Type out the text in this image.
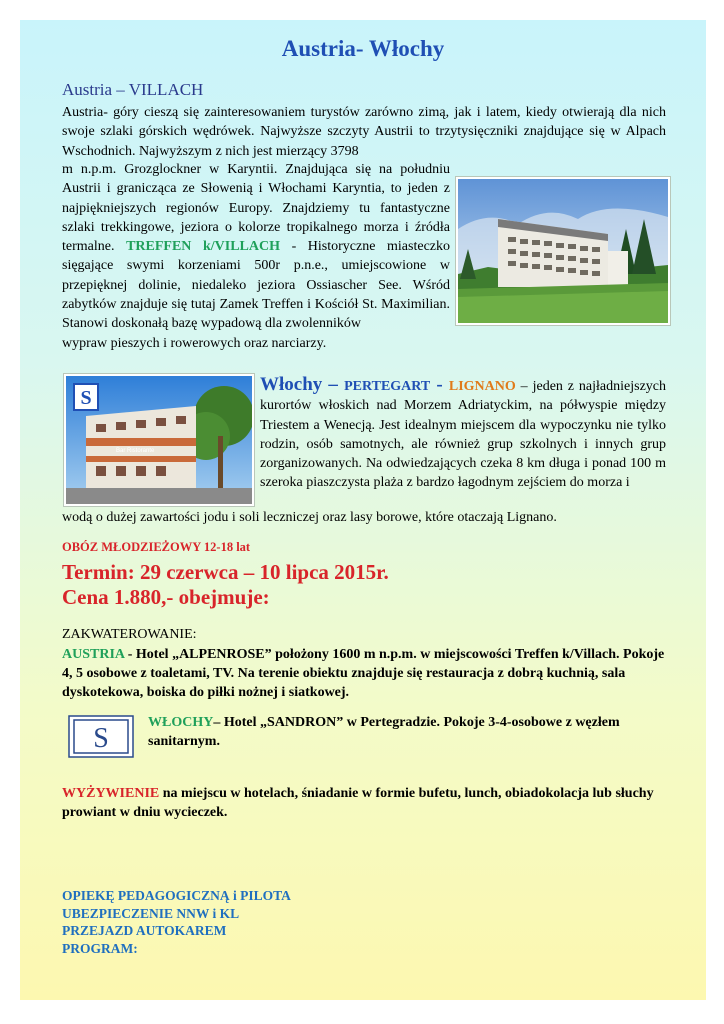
Austria- Włochy
Austria – VILLACH
Austria- góry cieszą się zainteresowaniem turystów zarówno zimą, jak i latem, kiedy otwierają dla nich swoje szlaki górskich wędrówek. Najwyższe szczyty Austrii to trzytysięczniki znajdujące się w Alpach Wschodnich. Najwyższym z nich jest mierzący 3798
m n.p.m. Grozglockner w Karyntii. Znajdująca się na południu Austrii i granicząca ze Słowenią i Włochami Karyntia, to jeden z najpiękniejszych regionów Europy. Znajdziemy tu fantastyczne szlaki trekkingowe, jeziora o kolorze tropikalnego morza i źródła termalne. TREFFEN k/VILLACH - Historyczne miasteczko sięgające swymi korzeniami 500r p.n.e., umiejscowione w przepięknej dolinie, niedaleko jeziora Ossiascher See. Wśród zabytków znajduje się tutaj Zamek Treffen i Kościół St. Maximilian. Stanowi doskonałą bazę wypadową dla zwolenników
wypraw pieszych i rowerowych oraz narciarzy.
S
Bar Ristorante
Włochy – PERTEGART - LIGNANO – jeden z najładniejszych kurortów włoskich nad Morzem Adriatyckim, na półwyspie między Triestem a Wenecją. Jest idealnym miejscem dla wypoczynku nie tylko rodzin, osób samotnych, ale również grup szkolnych i innych grup zorganizowanych. Na odwiedzających czeka 8 km długa i ponad 100 m szeroka piaszczysta plaża z bardzo łagodnym zejściem do morza i
wodą o dużej zawartości jodu i soli leczniczej oraz lasy borowe, które otaczają Lignano.
OBÓZ MŁODZIEŻOWY 12-18 lat
Termin: 29 czerwca – 10 lipca 2015r.
Cena 1.880,- obejmuje:
ZAKWATEROWANIE:
AUSTRIA - Hotel „ALPENROSE” położony 1600 m n.p.m. w miejscowości Treffen k/Villach. Pokoje 4, 5 osobowe z toaletami, TV. Na terenie obiektu znajduje się restauracja z dobrą kuchnią, sala dyskotekowa, boiska do piłki nożnej i siatkowej.
S
WŁOCHY– Hotel „SANDRON” w Pertegradzie. Pokoje 3-4-osobowe z węzłem sanitarnym.
WYŻYWIENIE na miejscu w hotelach, śniadanie w formie bufetu, lunch, obiadokolacja lub słuchy prowiant w dniu wycieczek.
OPIEKĘ PEDAGOGICZNĄ i PILOTA
UBEZPIECZENIE NNW i KL
PRZEJAZD AUTOKAREM
PROGRAM:
